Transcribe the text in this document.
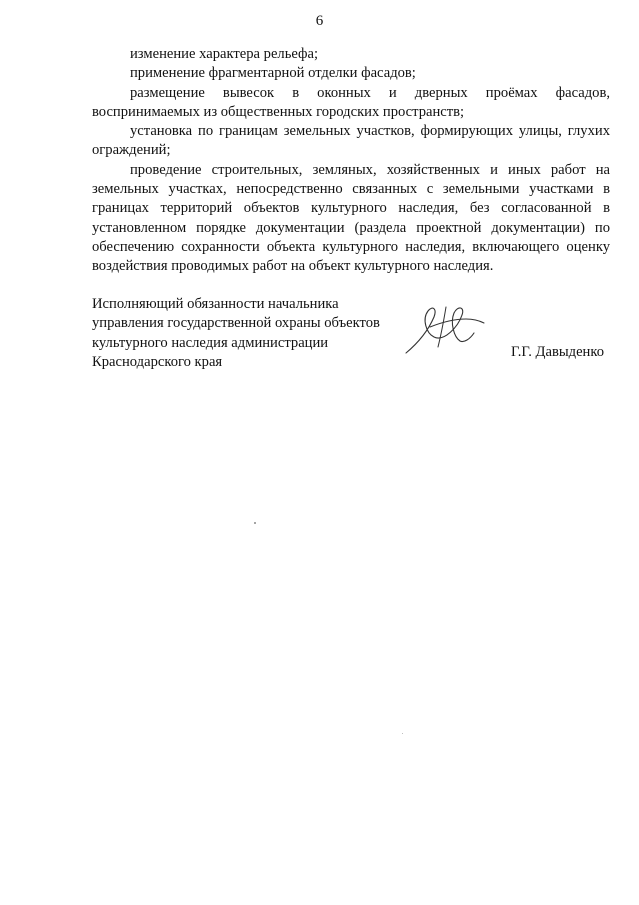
6

изменение характера рельефа;

применение фрагментарной отделки фасадов;

размещение вывесок в оконных и дверных проёмах фасадов, воспринимаемых из общественных городских пространств;

установка по границам земельных участков, формирующих улицы, глухих ограждений;

проведение строительных, земляных, хозяйственных и иных работ на земельных участках, непосредственно связанных с земельными участками в границах территорий объектов культурного наследия, без согласованной в установленном порядке документации (раздела проектной документации) по обеспечению сохранности объекта культурного наследия, включающего оценку воздействия проводимых работ на объект культурного наследия.

Исполняющий обязанности начальника
управления государственной охраны объектов
культурного наследия администрации
Краснодарского края
Г.Г. Давыденко
